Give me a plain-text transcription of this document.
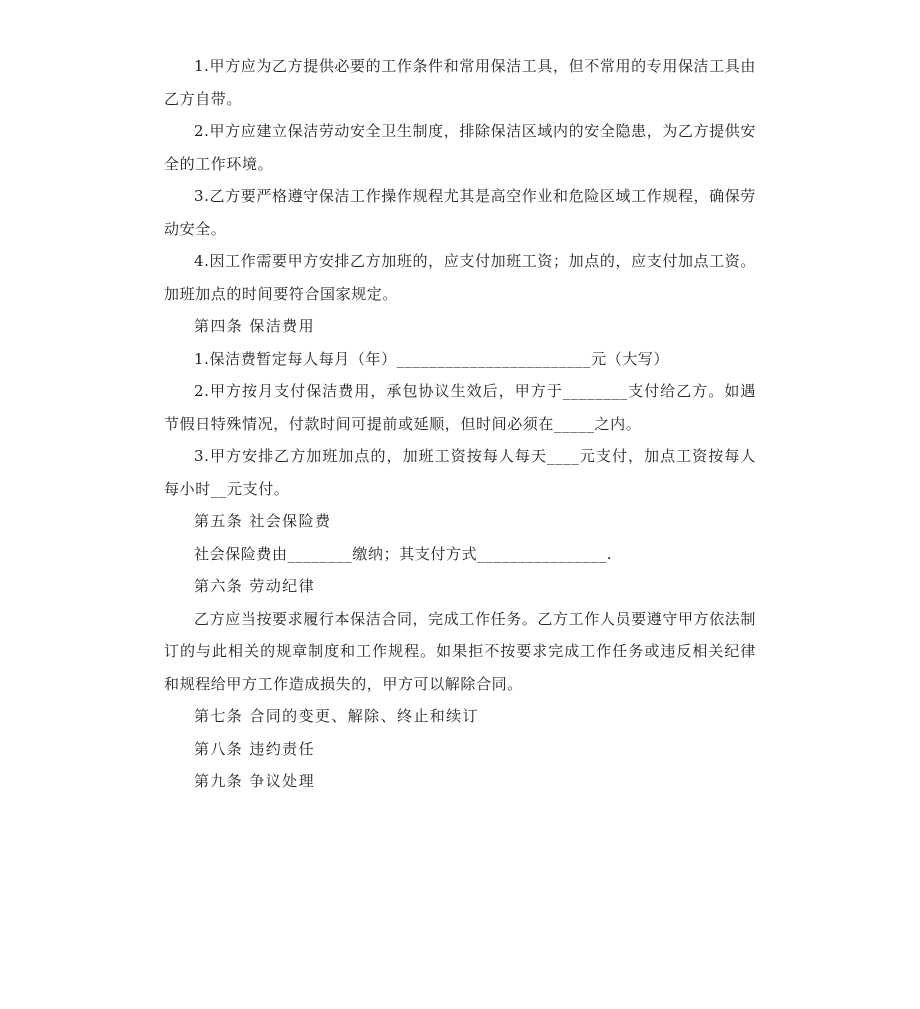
1.甲方应为乙方提供必要的工作条件和常用保洁工具，但不常用的专用保洁工具由乙方自带。

2.甲方应建立保洁劳动安全卫生制度，排除保洁区域内的安全隐患，为乙方提供安全的工作环境。

3.乙方要严格遵守保洁工作操作规程尤其是高空作业和危险区域工作规程，确保劳动安全。

4.因工作需要甲方安排乙方加班的，应支付加班工资；加点的，应支付加点工资。加班加点的时间要符合国家规定。

第四条 保洁费用

1.保洁费暂定每人每月（年）________________________元（大写）

2.甲方按月支付保洁费用，承包协议生效后，甲方于________支付给乙方。如遇节假日特殊情况，付款时间可提前或延顺，但时间必须在_____之内。

3.甲方安排乙方加班加点的，加班工资按每人每天____元支付，加点工资按每人每小时__元支付。

第五条 社会保险费

社会保险费由________缴纳；其支付方式________________.

第六条 劳动纪律

乙方应当按要求履行本保洁合同，完成工作任务。乙方工作人员要遵守甲方依法制订的与此相关的规章制度和工作规程。如果拒不按要求完成工作任务或违反相关纪律和规程给甲方工作造成损失的，甲方可以解除合同。

第七条 合同的变更、解除、终止和续订

第八条 违约责任

第九条 争议处理
